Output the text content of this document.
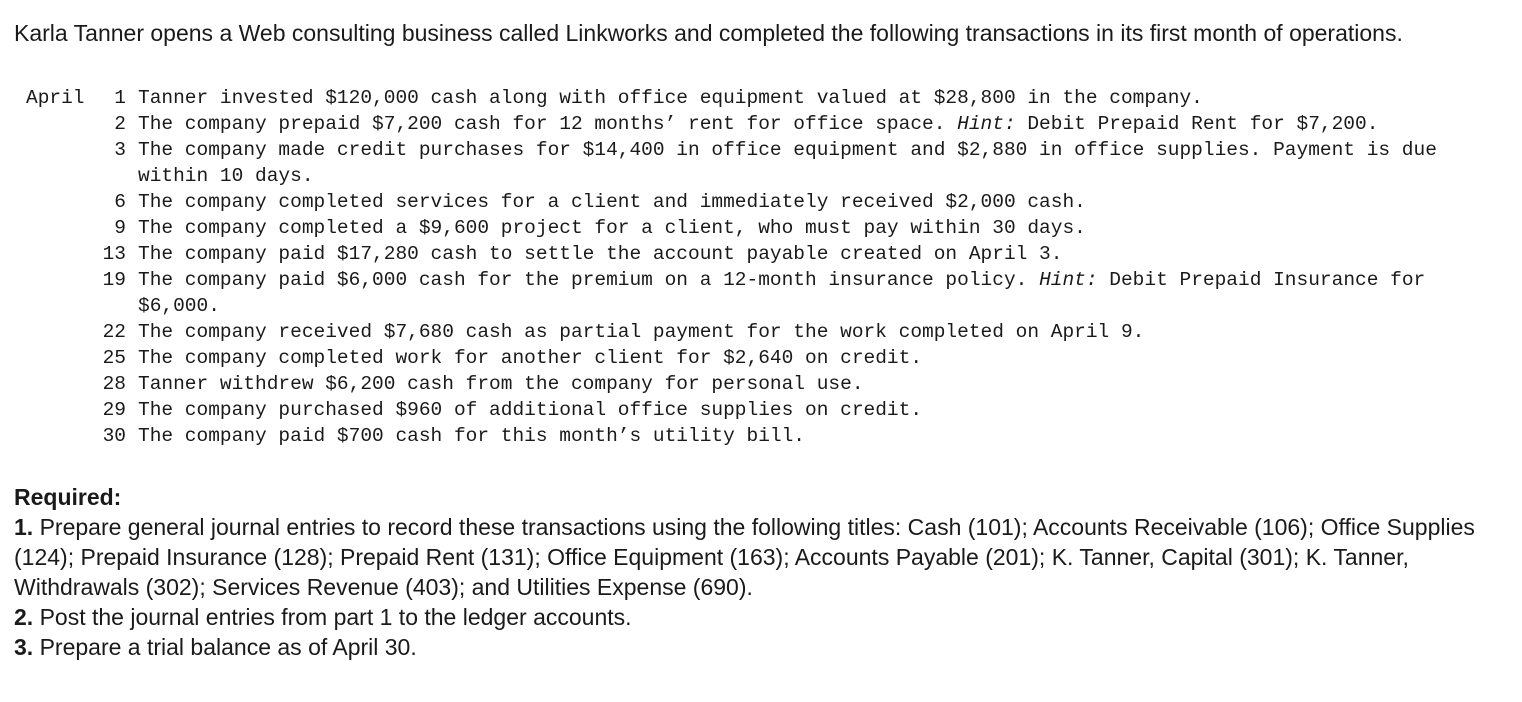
Karla Tanner opens a Web consulting business called Linkworks and completed the following transactions in its first month of operations.

April	1 Tanner invested $120,000 cash along with office equipment valued at $28,800 in the company.
2 The company prepaid $7,200 cash for 12 months’ rent for office space. Hint: Debit Prepaid Rent for $7,200.
3 The company made credit purchases for $14,400 in office equipment and $2,880 in office supplies. Payment is due within 10 days.
6 The company completed services for a client and immediately received $2,000 cash.
9 The company completed a $9,600 project for a client, who must pay within 30 days.
13 The company paid $17,280 cash to settle the account payable created on April 3.
19 The company paid $6,000 cash for the premium on a 12-month insurance policy. Hint: Debit Prepaid Insurance for $6,000.
22 The company received $7,680 cash as partial payment for the work completed on April 9.
25 The company completed work for another client for $2,640 on credit.
28 Tanner withdrew $6,200 cash from the company for personal use.
29 The company purchased $960 of additional office supplies on credit.
30 The company paid $700 cash for this month’s utility bill.
Required:
1. Prepare general journal entries to record these transactions using the following titles: Cash (101); Accounts Receivable (106); Office Supplies (124); Prepaid Insurance (128); Prepaid Rent (131); Office Equipment (163); Accounts Payable (201); K. Tanner, Capital (301); K. Tanner, Withdrawals (302); Services Revenue (403); and Utilities Expense (690).
2. Post the journal entries from part 1 to the ledger accounts.
3. Prepare a trial balance as of April 30.
